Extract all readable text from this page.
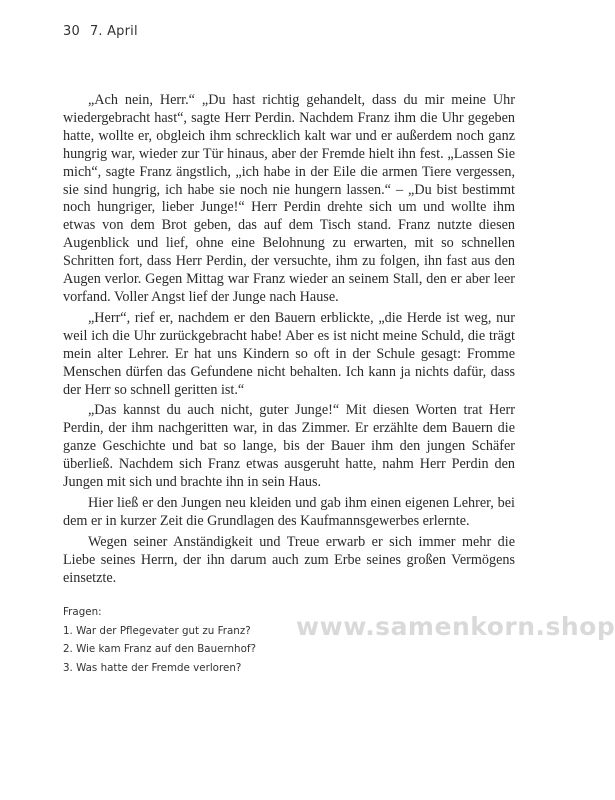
30 7. April

„Ach nein, Herr.“ „Du hast richtig gehandelt, dass du mir meine Uhr wiedergebracht hast“, sagte Herr Perdin. Nachdem Franz ihm die Uhr gegeben hatte, wollte er, obgleich ihm schrecklich kalt war und er außerdem noch ganz hungrig war, wieder zur Tür hinaus, aber der Fremde hielt ihn fest. „Lassen Sie mich“, sagte Franz ängstlich, „ich habe in der Eile die armen Tiere vergessen, sie sind hungrig, ich habe sie noch nie hungern lassen.“ – „Du bist bestimmt noch hungriger, lieber Junge!“ Herr Perdin drehte sich um und wollte ihm etwas von dem Brot geben, das auf dem Tisch stand. Franz nutzte diesen Augenblick und lief, ohne eine Belohnung zu erwarten, mit so schnellen Schritten fort, dass Herr Perdin, der versuchte, ihm zu folgen, ihn fast aus den Augen verlor. Gegen Mittag war Franz wieder an seinem Stall, den er aber leer vorfand. Voller Angst lief der Junge nach Hause.

„Herr“, rief er, nachdem er den Bauern erblickte, „die Herde ist weg, nur weil ich die Uhr zurückgebracht habe! Aber es ist nicht meine Schuld, die trägt mein alter Lehrer. Er hat uns Kindern so oft in der Schule gesagt: Fromme Menschen dürfen das Gefundene nicht behalten. Ich kann ja nichts dafür, dass der Herr so schnell geritten ist.“

„Das kannst du auch nicht, guter Junge!“ Mit diesen Worten trat Herr Perdin, der ihm nachgeritten war, in das Zimmer. Er erzählte dem Bauern die ganze Geschichte und bat so lange, bis der Bauer ihm den jungen Schäfer überließ. Nachdem sich Franz etwas ausgeruht hatte, nahm Herr Perdin den Jungen mit sich und brachte ihn in sein Haus.

Hier ließ er den Jungen neu kleiden und gab ihm einen eigenen Lehrer, bei dem er in kurzer Zeit die Grundlagen des Kaufmannsgewerbes erlernte.

Wegen seiner Anständigkeit und Treue erwarb er sich immer mehr die Liebe seines Herrn, der ihn darum auch zum Erbe seines großen Vermögens einsetzte.

Fragen:
1. War der Pflegevater gut zu Franz?
2. Wie kam Franz auf den Bauernhof?
3. Was hatte der Fremde verloren?
www.samenkorn.shop
